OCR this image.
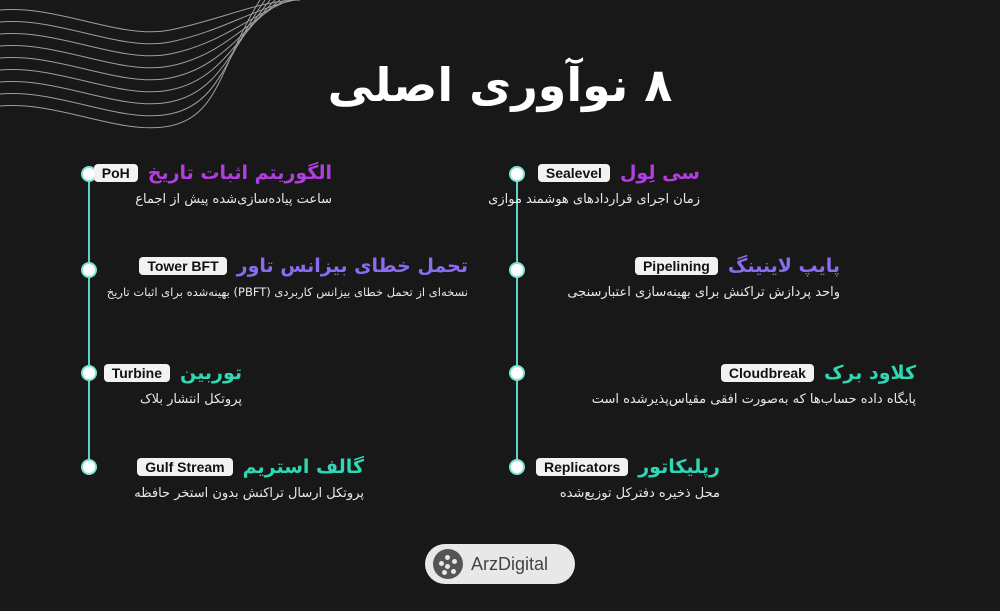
۸ نوآوری اصلی
الگوریتم اثبات تاریخ
PoH
ساعت پیاده‌سازی‌شده پیش از اجماع
تحمل خطای بیزانس تاور
Tower BFT
نسخه‌ای از تحمل خطای بیزانس کاربردی (PBFT) بهینه‌شده برای اثبات تاریخ
توربین
Turbine
پروتکل انتشار بلاک
گالف استریم
Gulf Stream
پروتکل ارسال تراکنش بدون استخر حافظه
سی لِول
Sealevel
زمان اجرای قراردادهای هوشمند موازی
پایپ لاینینگ
Pipelining
واحد پردازش تراکنش برای بهینه‌سازی اعتبارسنجی
کلاود برک
Cloudbreak
پایگاه داده حساب‌ها که به‌صورت افقی مقیاس‌پذیرشده است
رپلیکاتور
Replicators
محل ذخیره دفترکل توزیع‌شده
ArzDigital
